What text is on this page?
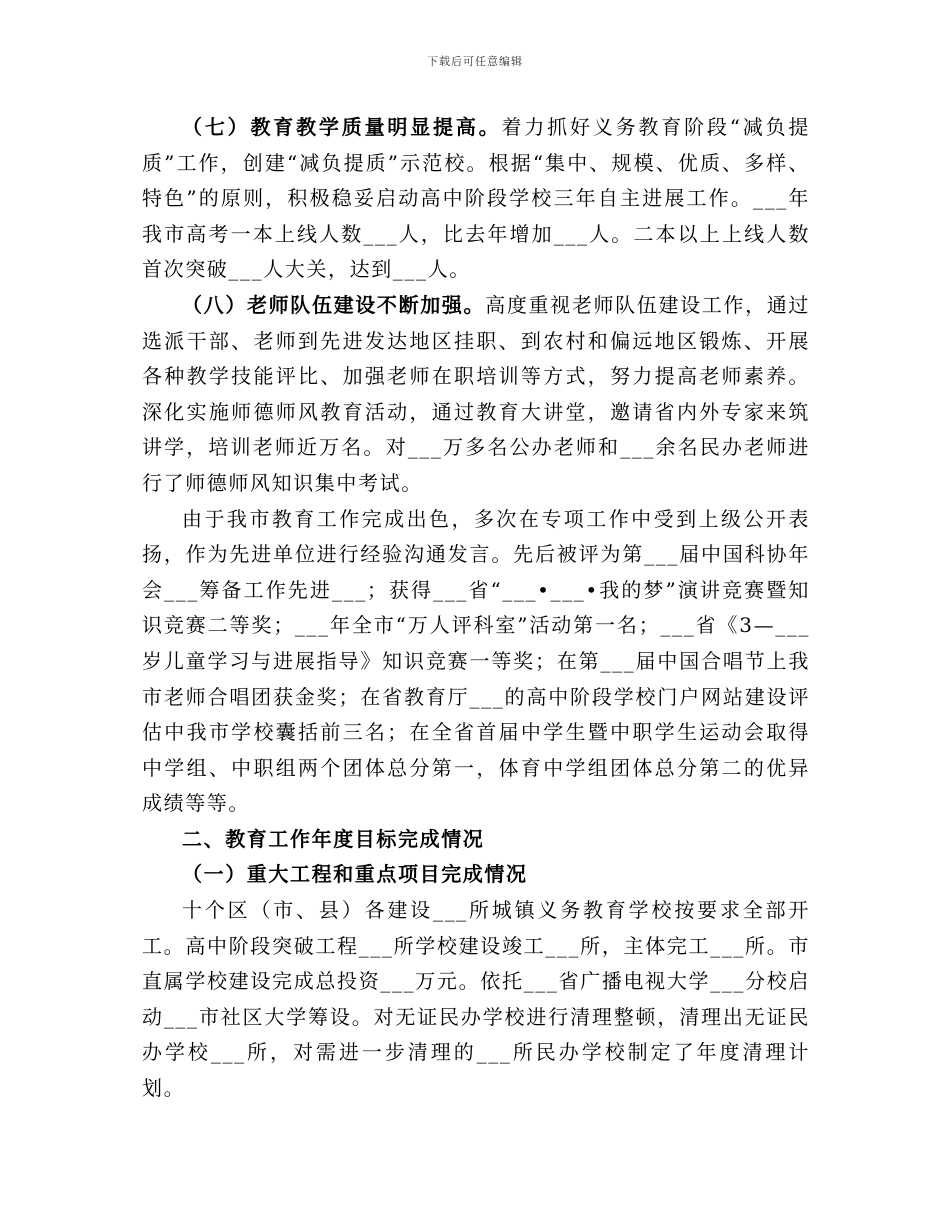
下载后可任意编辑

（七）教育教学质量明显提高。着力抓好义务教育阶段“减负提质”工作，创建“减负提质”示范校。根据“集中、规模、优质、多样、特色”的原则，积极稳妥启动高中阶段学校三年自主进展工作。___年我市高考一本上线人数___人，比去年增加___人。二本以上上线人数首次突破___人大关，达到___人。

（八）老师队伍建设不断加强。高度重视老师队伍建设工作，通过选派干部、老师到先进发达地区挂职、到农村和偏远地区锻炼、开展各种教学技能评比、加强老师在职培训等方式，努力提高老师素养。深化实施师德师风教育活动，通过教育大讲堂，邀请省内外专家来筑讲学，培训老师近万名。对___万多名公办老师和___余名民办老师进行了师德师风知识集中考试。

由于我市教育工作完成出色，多次在专项工作中受到上级公开表扬，作为先进单位进行经验沟通发言。先后被评为第___届中国科协年会___筹备工作先进___；获得___省“___•___•我的梦”演讲竞赛暨知识竞赛二等奖；___年全市“万人评科室”活动第一名；___省《3—___岁儿童学习与进展指导》知识竞赛一等奖；在第___届中国合唱节上我市老师合唱团获金奖；在省教育厅___的高中阶段学校门户网站建设评估中我市学校囊括前三名；在全省首届中学生暨中职学生运动会取得中学组、中职组两个团体总分第一，体育中学组团体总分第二的优异成绩等等。

二、教育工作年度目标完成情况

（一）重大工程和重点项目完成情况

十个区（市、县）各建设___所城镇义务教育学校按要求全部开工。高中阶段突破工程___所学校建设竣工___所，主体完工___所。市直属学校建设完成总投资___万元。依托___省广播电视大学___分校启动___市社区大学筹设。对无证民办学校进行清理整顿，清理出无证民办学校___所，对需进一步清理的___所民办学校制定了年度清理计划。
